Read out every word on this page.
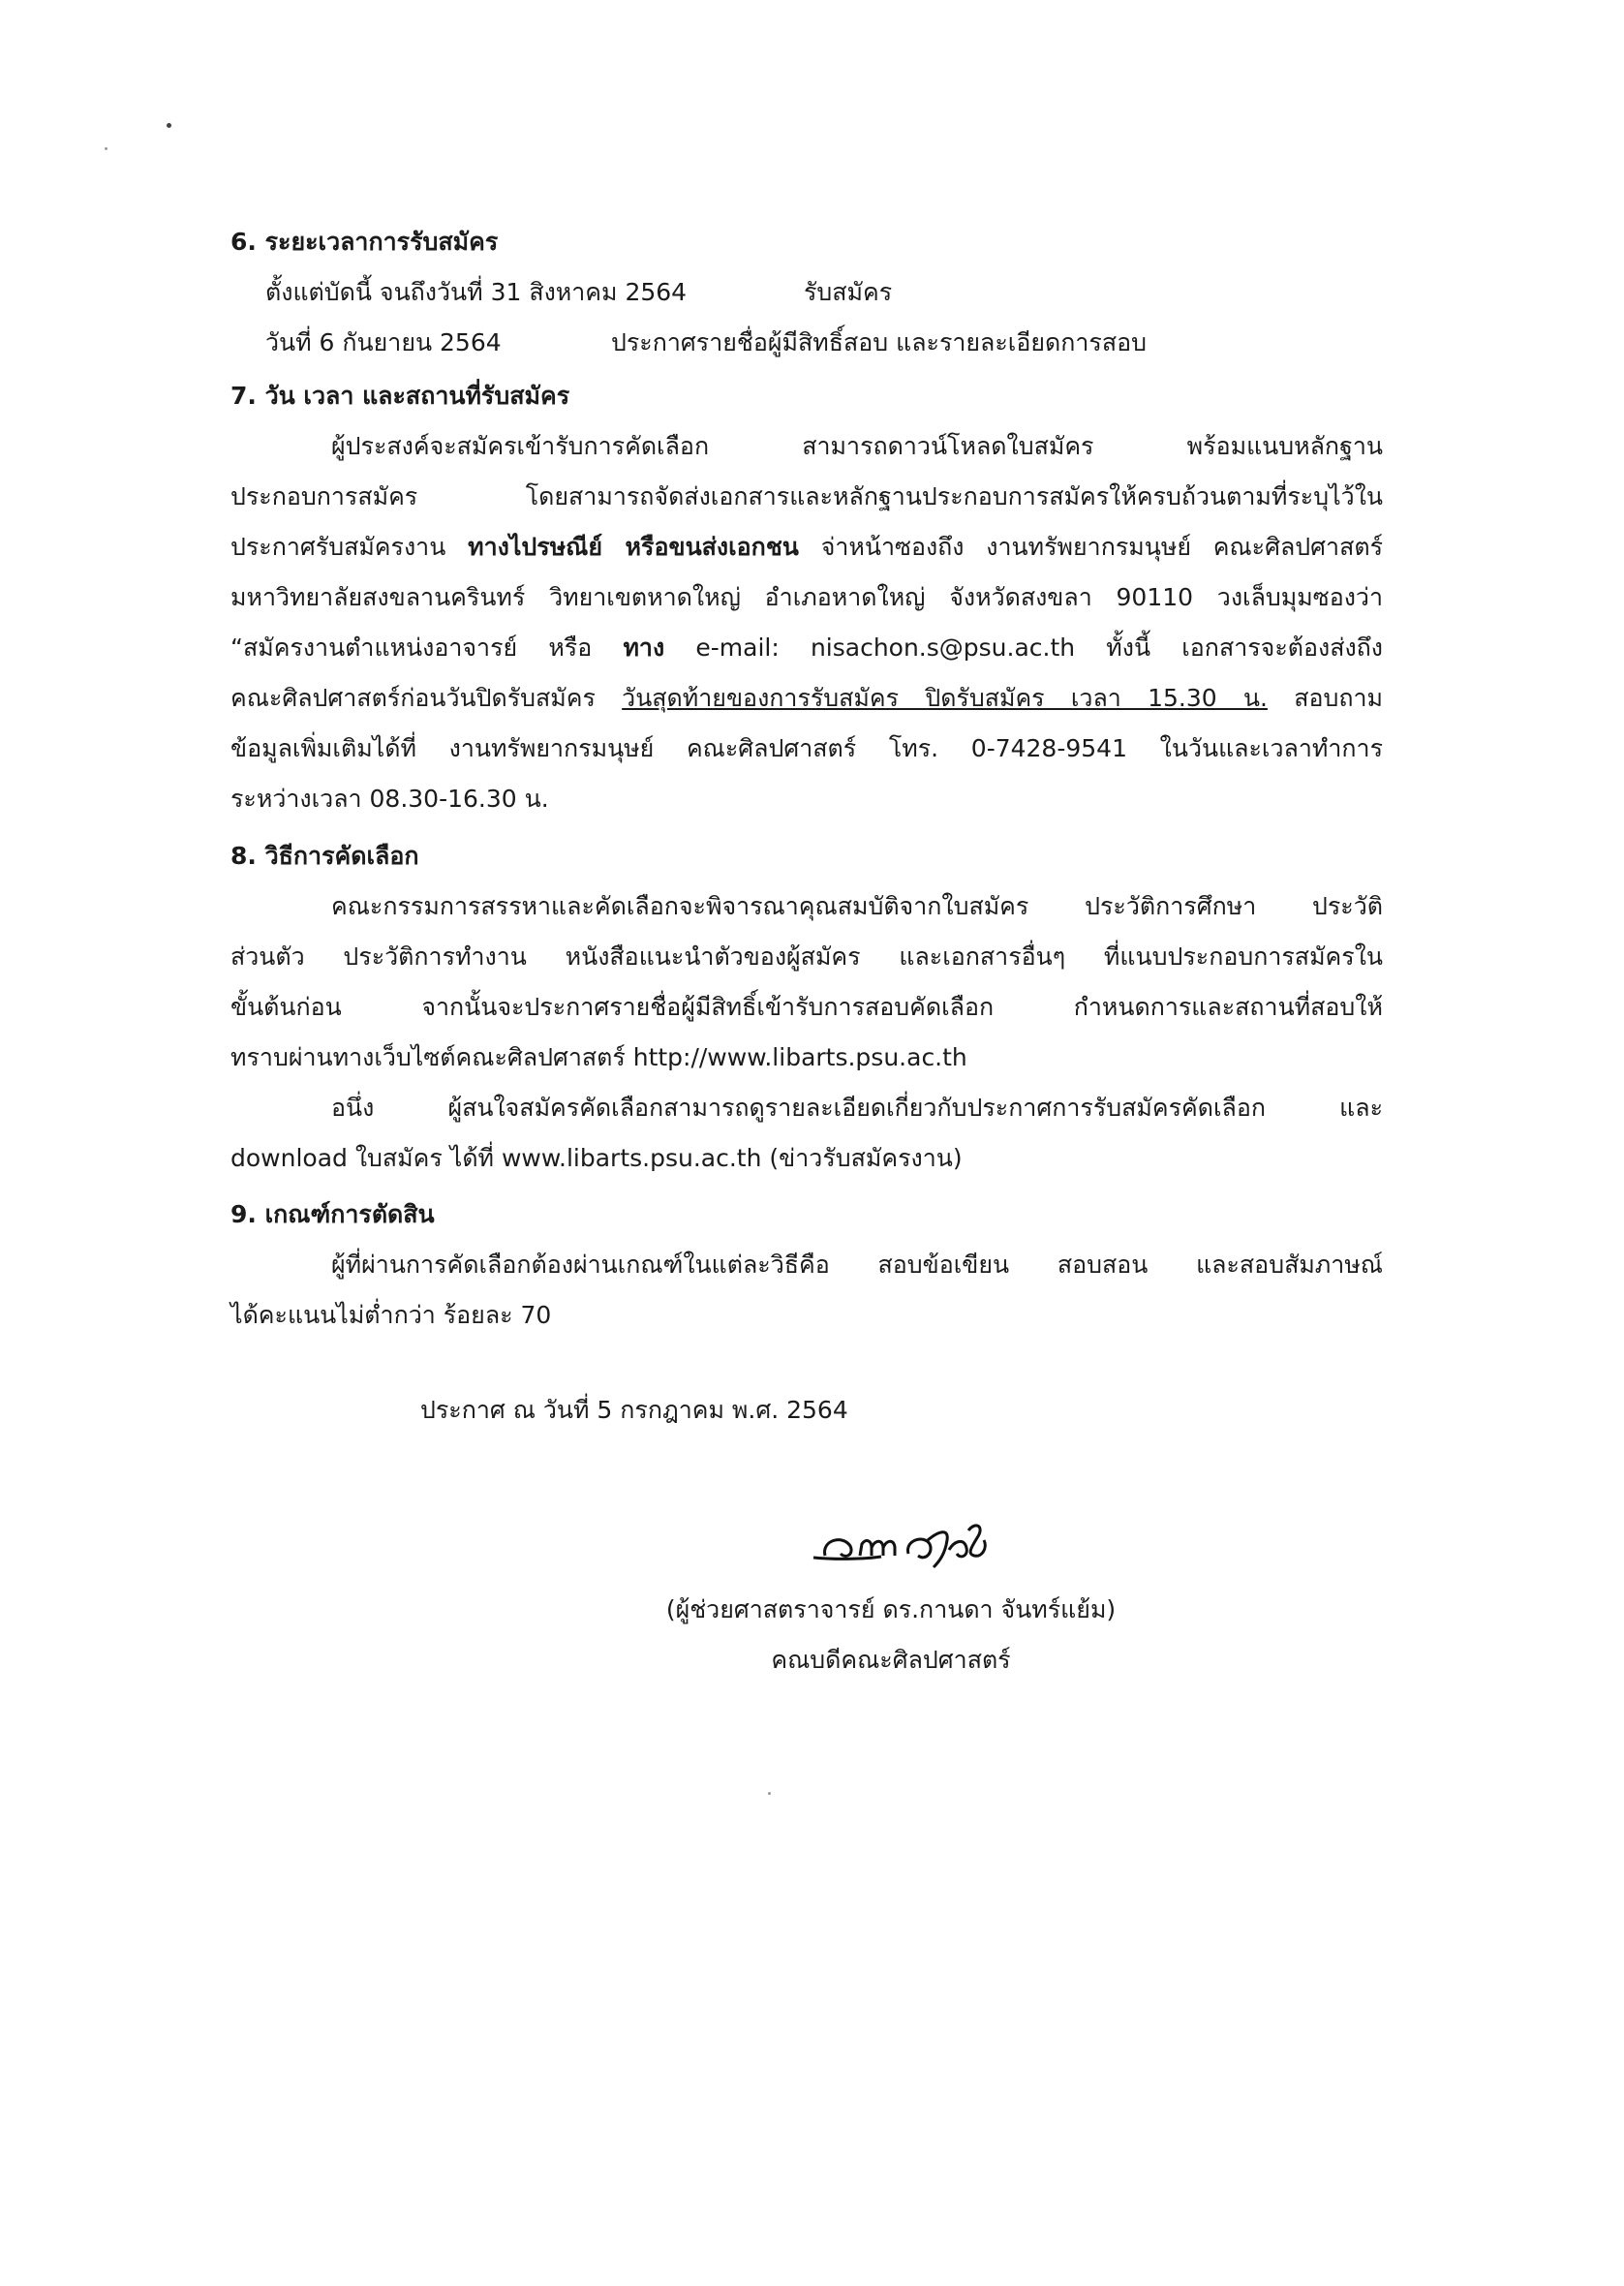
6. ระยะเวลาการรับสมัคร
ตั้งแต่บัดนี้ จนถึงวันที่ 31 สิงหาคม 2564	รับสมัคร
วันที่ 6 กันยายน 2564	ประกาศรายชื่อผู้มีสิทธิ์สอบ และรายละเอียดการสอบ
7. วัน เวลา และสถานที่รับสมัคร
ผู้ประสงค์จะสมัครเข้ารับการคัดเลือก สามารถดาวน์โหลดใบสมัคร พร้อมแนบหลักฐาน
ประกอบการสมัคร โดยสามารถจัดส่งเอกสารและหลักฐานประกอบการสมัครให้ครบถ้วนตามที่ระบุไว้ใน
ประกาศรับสมัครงาน ทางไปรษณีย์ หรือขนส่งเอกชน จ่าหน้าซองถึง งานทรัพยากรมนุษย์ คณะศิลปศาสตร์
มหาวิทยาลัยสงขลานครินทร์ วิทยาเขตหาดใหญ่ อำเภอหาดใหญ่ จังหวัดสงขลา 90110 วงเล็บมุมซองว่า
“สมัครงานตำแหน่งอาจารย์ หรือ ทาง e-mail: nisachon.s@psu.ac.th ทั้งนี้ เอกสารจะต้องส่งถึง
คณะศิลปศาสตร์ก่อนวันปิดรับสมัคร วันสุดท้ายของการรับสมัคร ปิดรับสมัคร เวลา 15.30 น. สอบถาม
ข้อมูลเพิ่มเติมได้ที่ งานทรัพยากรมนุษย์ คณะศิลปศาสตร์ โทร. 0-7428-9541 ในวันและเวลาทำการ
ระหว่างเวลา 08.30-16.30 น.
8. วิธีการคัดเลือก
คณะกรรมการสรรหาและคัดเลือกจะพิจารณาคุณสมบัติจากใบสมัคร ประวัติการศึกษา ประวัติ
ส่วนตัว ประวัติการทำงาน หนังสือแนะนำตัวของผู้สมัคร และเอกสารอื่นๆ ที่แนบประกอบการสมัครใน
ขั้นต้นก่อน จากนั้นจะประกาศรายชื่อผู้มีสิทธิ์เข้ารับการสอบคัดเลือก กำหนดการและสถานที่สอบให้
ทราบผ่านทางเว็บไซต์คณะศิลปศาสตร์ http://www.libarts.psu.ac.th
อนึ่ง ผู้สนใจสมัครคัดเลือกสามารถดูรายละเอียดเกี่ยวกับประกาศการรับสมัครคัดเลือก และ
download ใบสมัคร ได้ที่ www.libarts.psu.ac.th (ข่าวรับสมัครงาน)
9. เกณฑ์การตัดสิน
ผู้ที่ผ่านการคัดเลือกต้องผ่านเกณฑ์ในแต่ละวิธีคือ สอบข้อเขียน สอบสอน และสอบสัมภาษณ์
ได้คะแนนไม่ต่ำกว่า ร้อยละ 70
ประกาศ ณ วันที่ 5 กรกฎาคม พ.ศ. 2564
(ผู้ช่วยศาสตราจารย์ ดร.กานดา จันทร์แย้ม)
คณบดีคณะศิลปศาสตร์
